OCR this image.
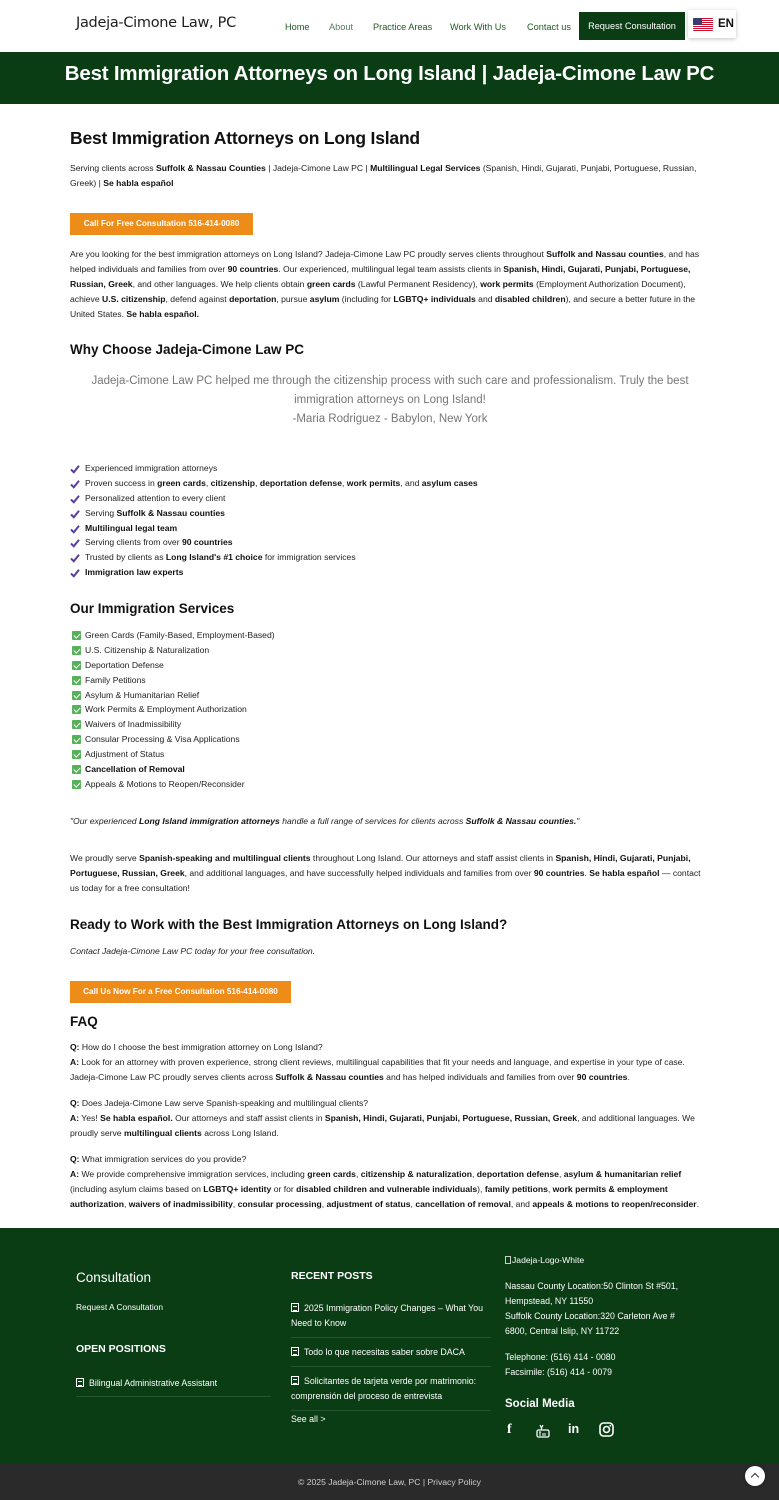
Jadeja-Cimone Law, PC	Home About Practice Areas Work With Us Contact us	Request Consultation	EN
Best Immigration Attorneys on Long Island | Jadeja-Cimone Law PC
Best Immigration Attorneys on Long Island
Serving clients across Suffolk & Nassau Counties | Jadeja-Cimone Law PC | Multilingual Legal Services (Spanish, Hindi, Gujarati, Punjabi, Portuguese, Russian, Greek) | Se habla español
Call For Free Consultation 516-414-0080
Are you looking for the best immigration attorneys on Long Island? Jadeja-Cimone Law PC proudly serves clients throughout Suffolk and Nassau counties, and has helped individuals and families from over 90 countries. Our experienced, multilingual legal team assists clients in Spanish, Hindi, Gujarati, Punjabi, Portuguese, Russian, Greek, and other languages. We help clients obtain green cards (Lawful Permanent Residency), work permits (Employment Authorization Document), achieve U.S. citizenship, defend against deportation, pursue asylum (including for LGBTQ+ individuals and disabled children), and secure a better future in the United States. Se habla español.
Why Choose Jadeja-Cimone Law PC
Jadeja-Cimone Law PC helped me through the citizenship process with such care and professionalism. Truly the best immigration attorneys on Long Island!
-Maria Rodriguez - Babylon, New York
Experienced immigration attorneys
Proven success in green cards, citizenship, deportation defense, work permits, and asylum cases
Personalized attention to every client
Serving Suffolk & Nassau counties
Multilingual legal team
Serving clients from over 90 countries
Trusted by clients as Long Island's #1 choice for immigration services
Immigration law experts
Our Immigration Services
Green Cards (Family-Based, Employment-Based)
U.S. Citizenship & Naturalization
Deportation Defense
Family Petitions
Asylum & Humanitarian Relief
Work Permits & Employment Authorization
Waivers of Inadmissibility
Consular Processing & Visa Applications
Adjustment of Status
Cancellation of Removal
Appeals & Motions to Reopen/Reconsider
"Our experienced Long Island immigration attorneys handle a full range of services for clients across Suffolk & Nassau counties."
We proudly serve Spanish-speaking and multilingual clients throughout Long Island. Our attorneys and staff assist clients in Spanish, Hindi, Gujarati, Punjabi, Portuguese, Russian, Greek, and additional languages, and have successfully helped individuals and families from over 90 countries. Se habla español — contact us today for a free consultation!
Ready to Work with the Best Immigration Attorneys on Long Island?
Contact Jadeja-Cimone Law PC today for your free consultation.
Call Us Now For a Free Consultation 516-414-0080
FAQ
Q: How do I choose the best immigration attorney on Long Island?
A: Look for an attorney with proven experience, strong client reviews, multilingual capabilities that fit your needs and language, and expertise in your type of case. Jadeja-Cimone Law PC proudly serves clients across Suffolk & Nassau counties and has helped individuals and families from over 90 countries.
Q: Does Jadeja-Cimone Law serve Spanish-speaking and multilingual clients?
A: Yes! Se habla español. Our attorneys and staff assist clients in Spanish, Hindi, Gujarati, Punjabi, Portuguese, Russian, Greek, and additional languages. We proudly serve multilingual clients across Long Island.
Q: What immigration services do you provide?
A: We provide comprehensive immigration services, including green cards, citizenship & naturalization, deportation defense, asylum & humanitarian relief (including asylum claims based on LGBTQ+ identity or for disabled children and vulnerable individuals), family petitions, work permits & employment authorization, waivers of inadmissibility, consular processing, adjustment of status, cancellation of removal, and appeals & motions to reopen/reconsider.
Consultation
Request A Consultation
OPEN POSITIONS
Bilingual Administrative Assistant
RECENT POSTS
2025 Immigration Policy Changes – What You Need to Know
Todo lo que necesitas saber sobre DACA
Solicitantes de tarjeta verde por matrimonio: comprensión del proceso de entrevista
See all >
Jadeja-Logo-White
Nassau County Location:50 Clinton St #501,
Hempstead, NY 11550
Suffolk County Location:320 Carleton Ave #
6800, Central Islip, NY 11722
Telephone: (516) 414 - 0080
Facsimile: (516) 414 - 0079
Social Media
f	in
© 2025 Jadeja-Cimone Law, PC | Privacy Policy
